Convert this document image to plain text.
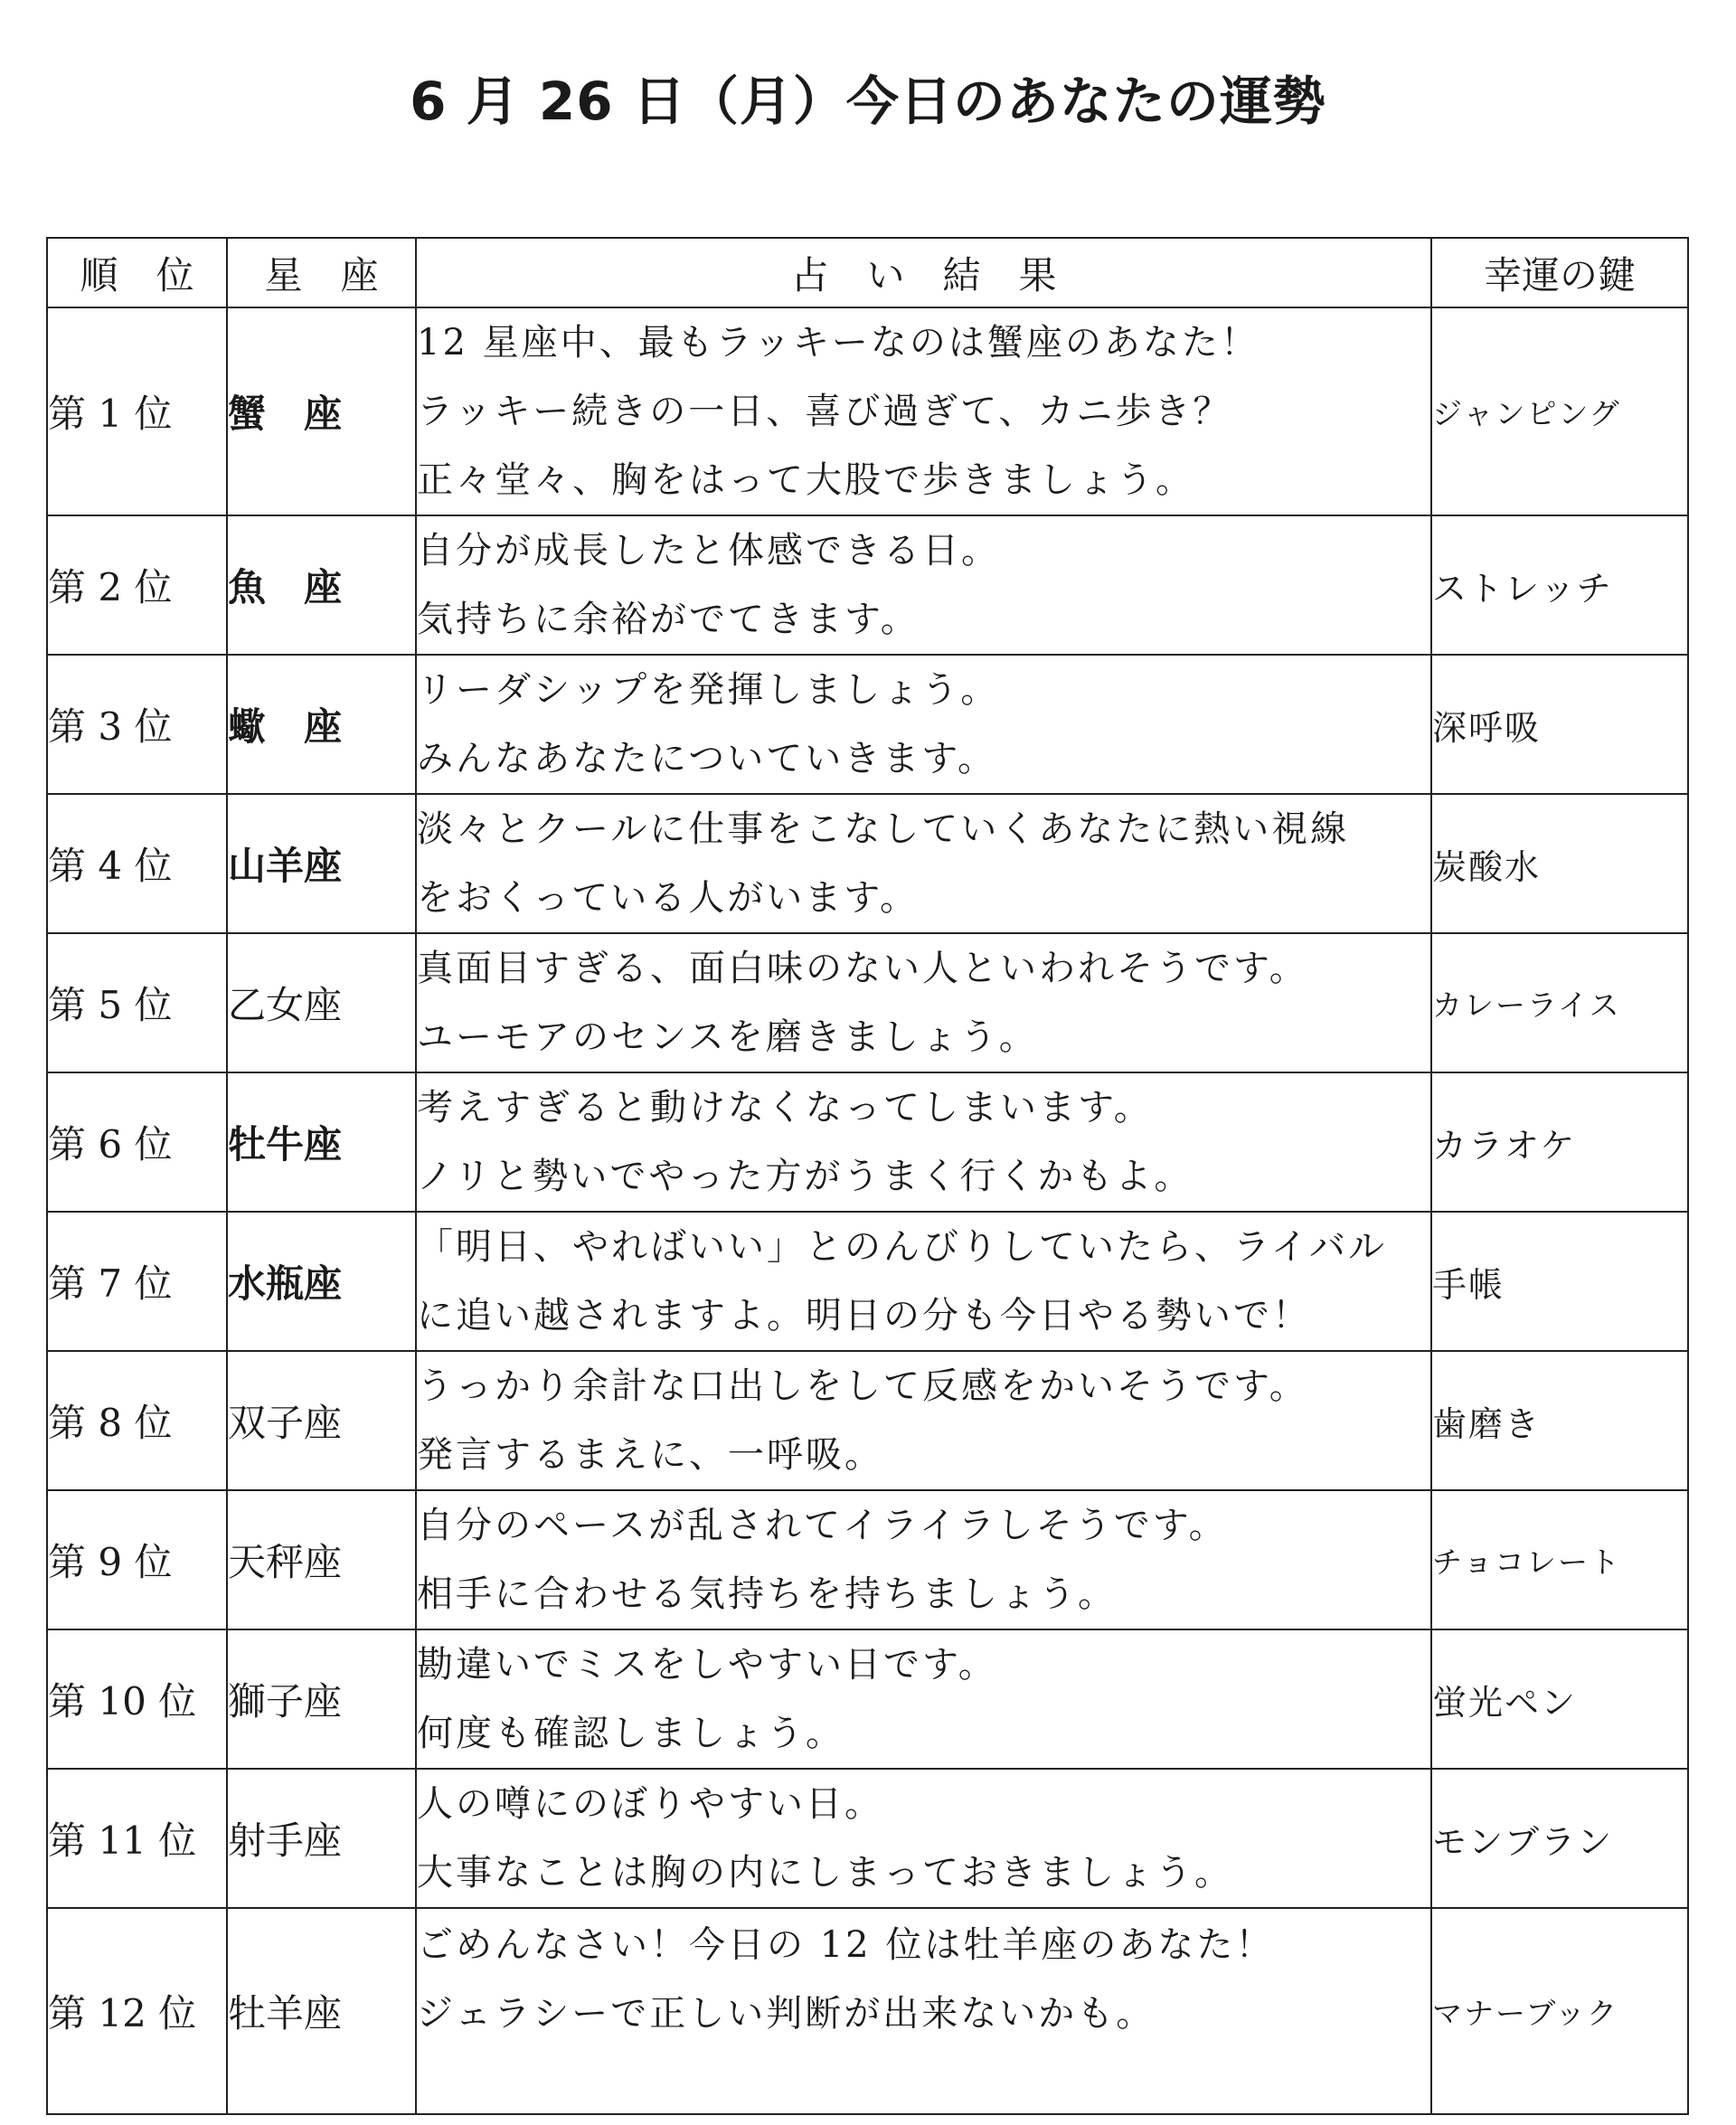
6 月 26 日（月）今日のあなたの運勢
順　位	星　座	占　い　結　果	幸運の鍵
第 1 位	蟹　座	12 星座中、最もラッキーなのは蟹座のあなた！
ラッキー続きの一日、喜び過ぎて、カニ歩き？
正々堂々、胸をはって大股で歩きましょう。	ジャンピング
第 2 位	魚　座	自分が成長したと体感できる日。
気持ちに余裕がでてきます。	ストレッチ
第 3 位	蠍　座	リーダシップを発揮しましょう。
みんなあなたについていきます。	深呼吸
第 4 位	山羊座	淡々とクールに仕事をこなしていくあなたに熱い視線
をおくっている人がいます。	炭酸水
第 5 位	乙女座	真面目すぎる、面白味のない人といわれそうです。
ユーモアのセンスを磨きましょう。	カレーライス
第 6 位	牡牛座	考えすぎると動けなくなってしまいます。
ノリと勢いでやった方がうまく行くかもよ。	カラオケ
第 7 位	水瓶座	「明日、やればいい」とのんびりしていたら、ライバル
に追い越されますよ。明日の分も今日やる勢いで！	手帳
第 8 位	双子座	うっかり余計な口出しをして反感をかいそうです。
発言するまえに、一呼吸。	歯磨き
第 9 位	天秤座	自分のペースが乱されてイライラしそうです。
相手に合わせる気持ちを持ちましょう。	チョコレート
第 10 位	獅子座	勘違いでミスをしやすい日です。
何度も確認しましょう。	蛍光ペン
第 11 位	射手座	人の噂にのぼりやすい日。
大事なことは胸の内にしまっておきましょう。	モンブラン
第 12 位	牡羊座	ごめんなさい！今日の 12 位は牡羊座のあなた！
ジェラシーで正しい判断が出来ないかも。	マナーブック
